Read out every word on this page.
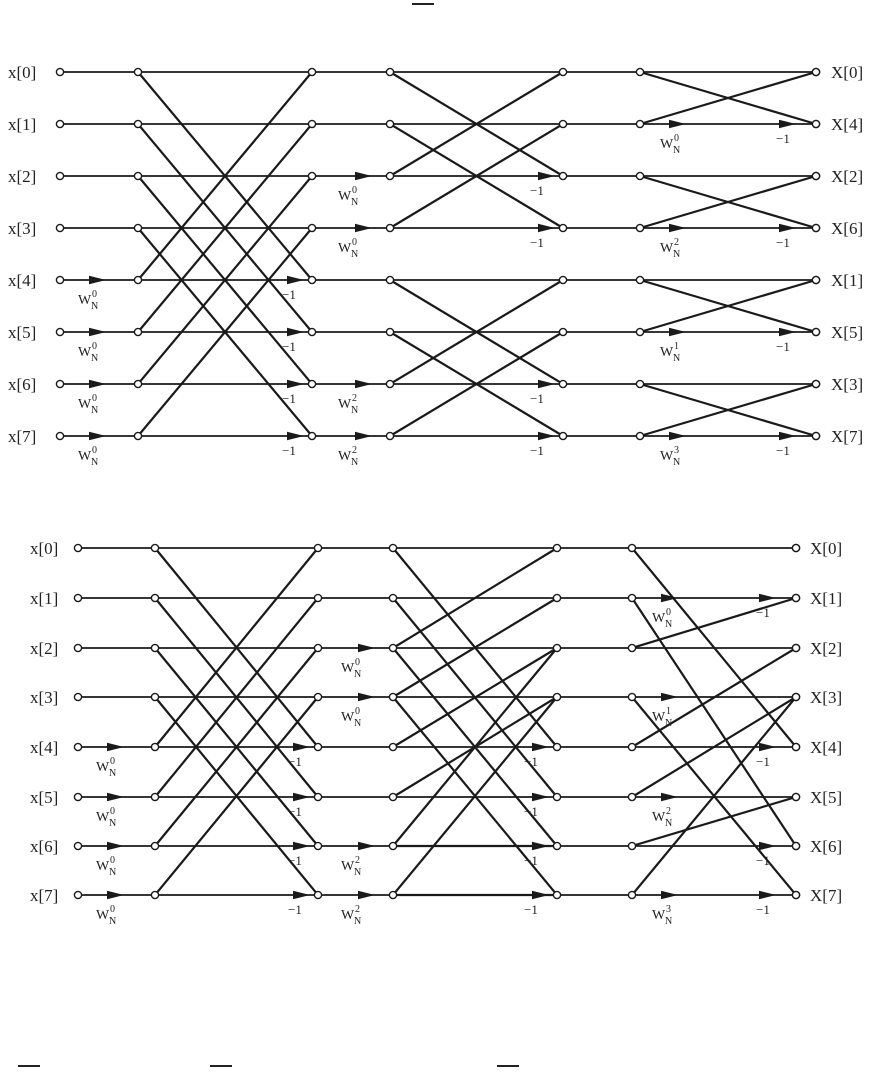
W N
0
W N
0
W N
0
W N
0
W N
0
W N
0
W N
2
W N
2
W N
0
W N
2
W N
1
W N
3
−1
−1
−1
−1
−1
−1
−1
−1
−1
−1
−1
−1
x[0]
x[1]
x[2]
x[3]
x[4]
x[5]
x[6]
x[7]
X[0]
X[4]
X[2]
X[6]
X[1]
X[5]
X[3]
X[7]
W N
0
W N
0
W N
0
W N
0
W N
0
W N
0
W N
2
W N
2
W N
0
W N
1
W N
2
W N
3
−1
−1
−1
−1
−1
−1
−1
−1
−1
−1
−1
−1
x[0]
x[1]
x[2]
x[3]
x[4]
x[5]
x[6]
x[7]
X[0]
X[1]
X[2]
X[3]
X[4]
X[5]
X[6]
X[7]
